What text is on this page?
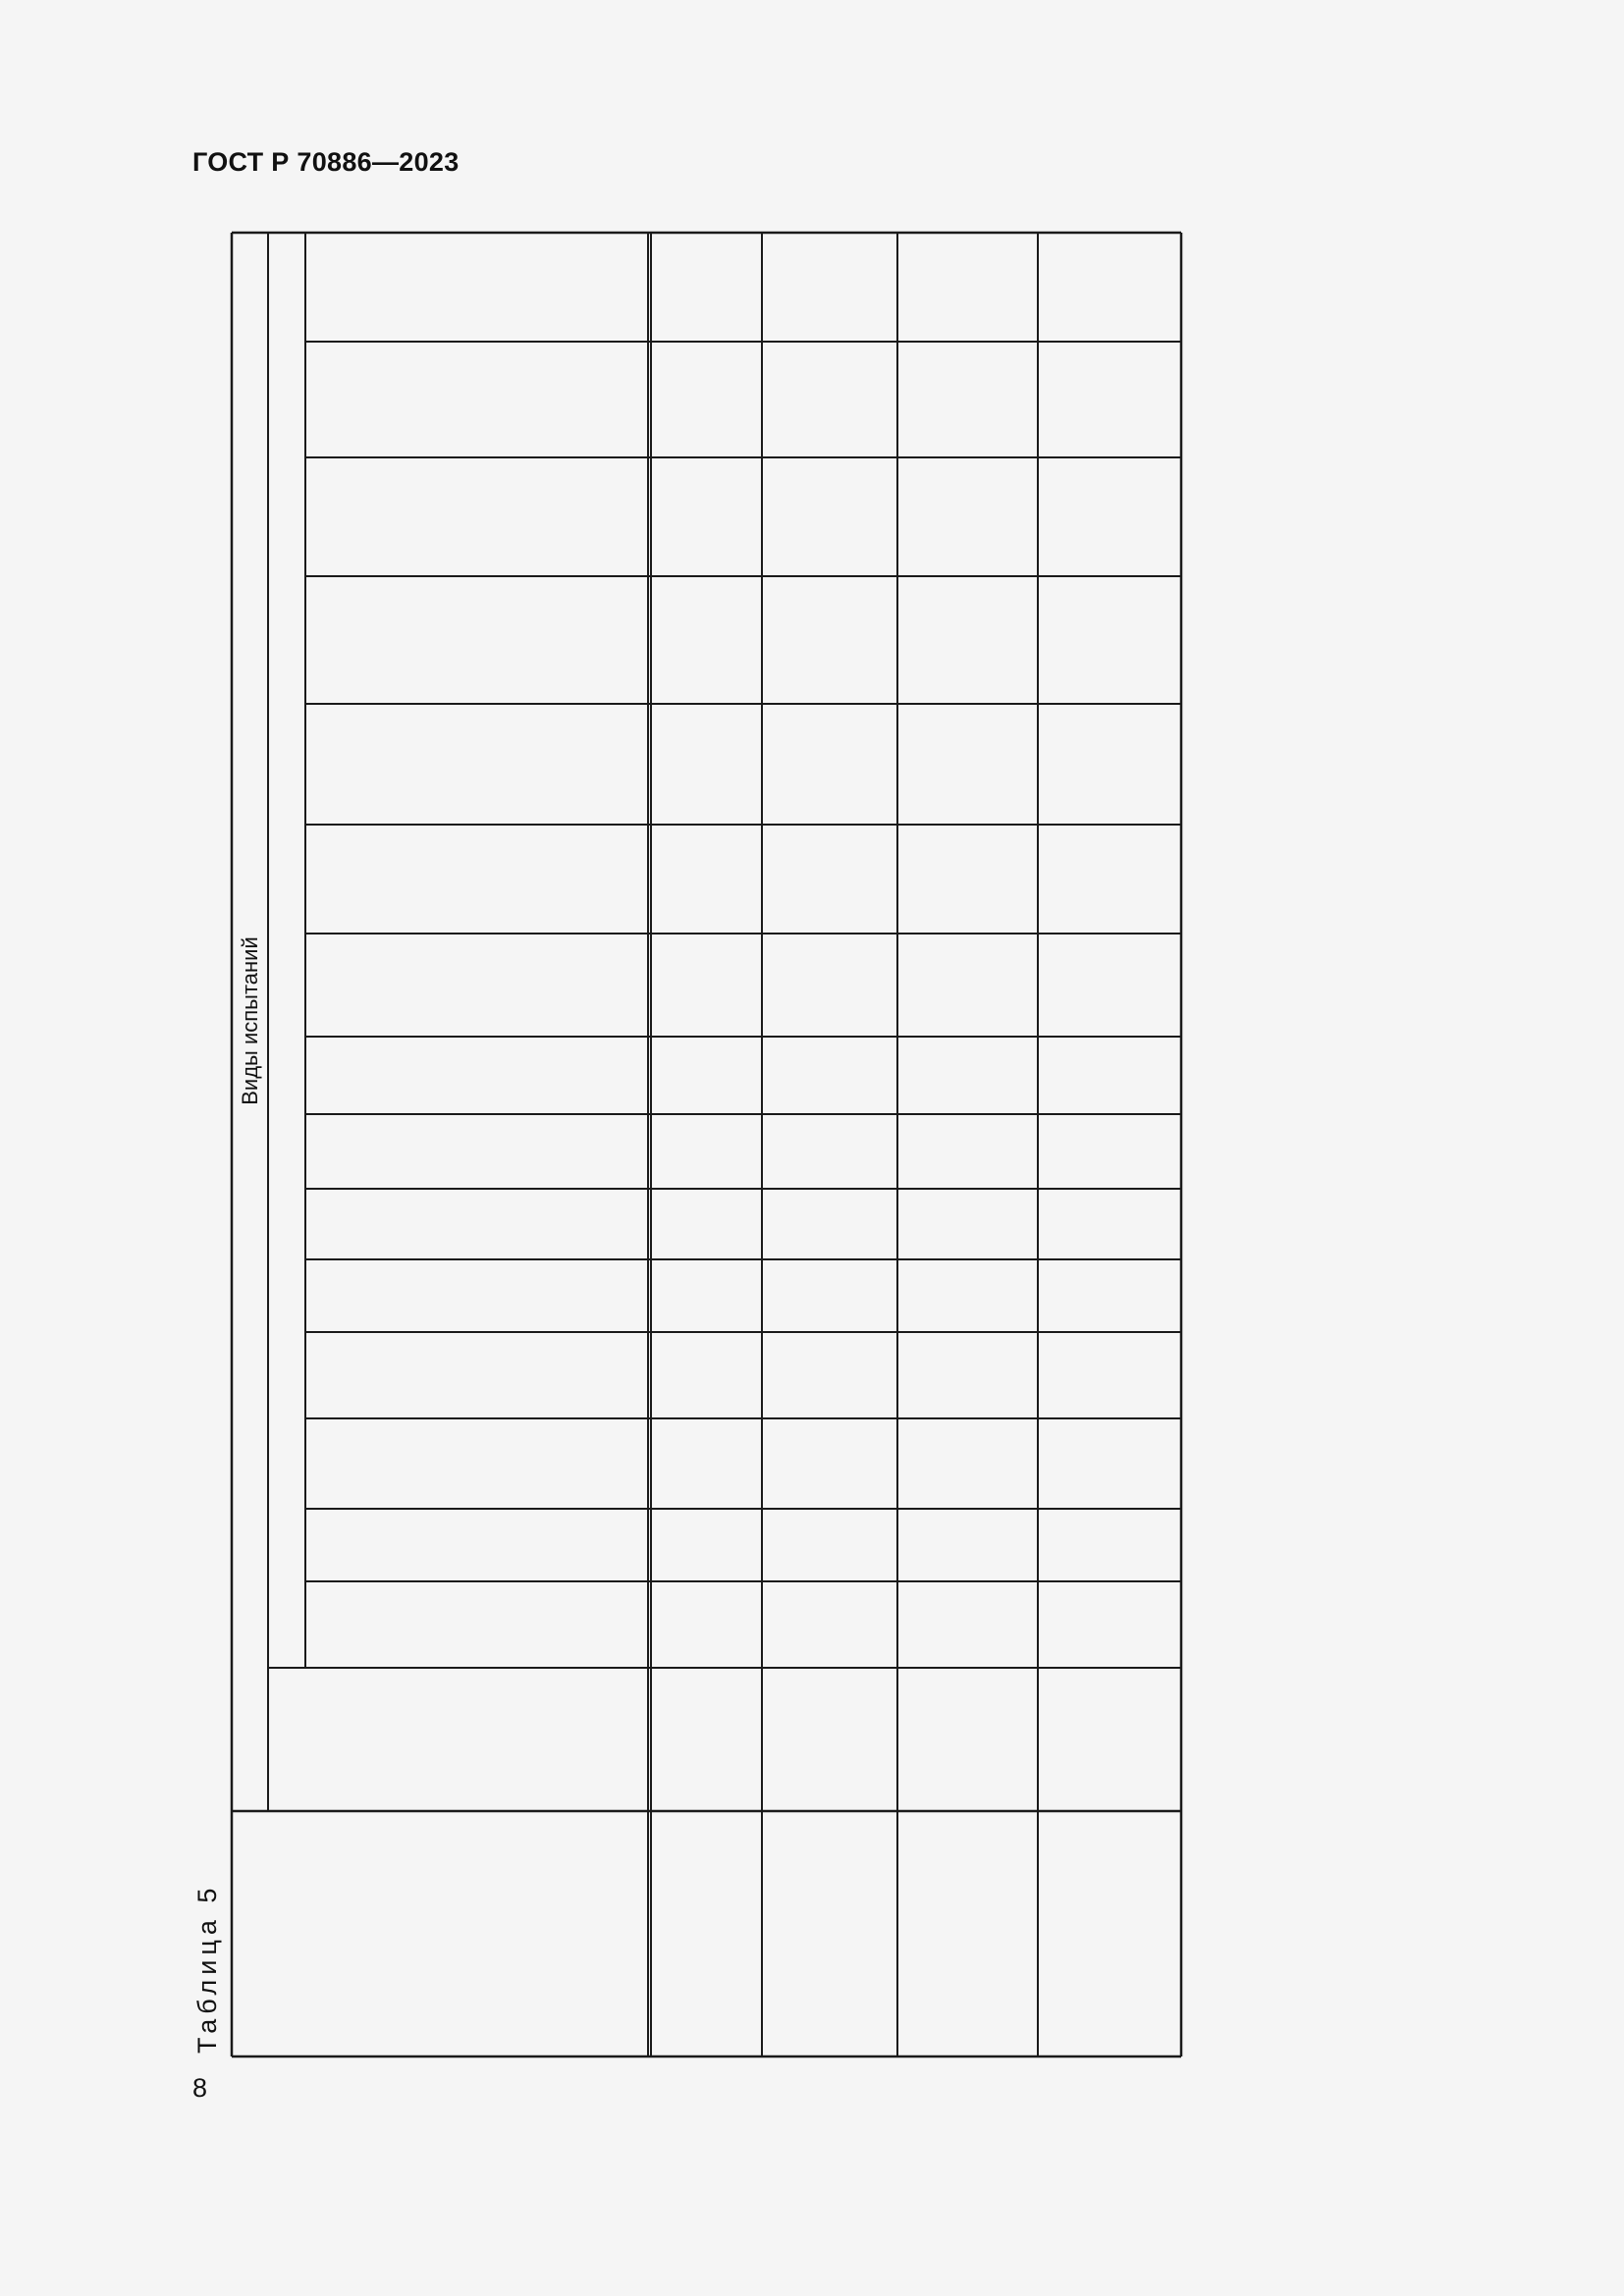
ГОСТ Р 70886—2023
Таблица 5
8
Виды испытаний
